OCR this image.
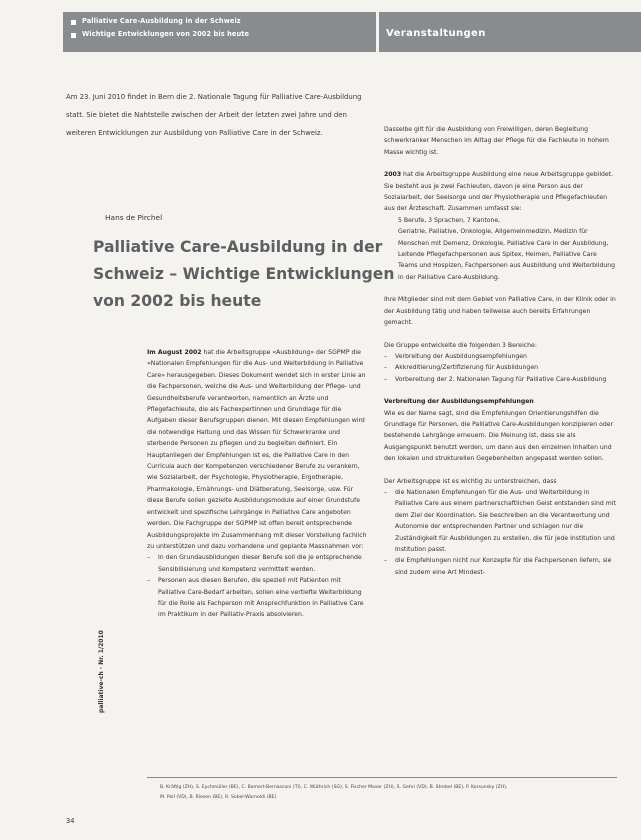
Palliative Care-Ausbildung in der Schweiz
Wichtige Entwicklungen von 2002 bis heute	Veranstaltungen

Am 23. Juni 2010 findet in Bern die 2. Nationale Tagung für Palliative Care-Ausbildung statt. Sie bietet die Nahtstelle zwischen der Arbeit der letzten zwei Jahre und den weiteren Entwicklungen zur Ausbildung von Palliative Care in der Schweiz.

Hans de Pirchel
Palliative Care-Ausbildung in der
Schweiz – Wichtige Entwicklungen
von 2002 bis heute

Im August 2002 hat die Arbeitsgruppe «Ausbildung» der SGPMP die «Nationalen Empfehlungen für die Aus- und Weiterbildung in Palliative Care» herausgegeben. Dieses Dokument wendet sich in erster Linie an die Fachpersonen, welche die Aus- und Weiterbildung der Pflege- und Gesundheitsberufe verantworten, namentlich an Ärzte und Pflegefachleute, die als Fachexpertinnen und Grundlage für die Aufgaben dieser Berufsgruppen dienen. Mit diesen Empfehlungen wird die notwendige Haltung und das Wissen für Schwerkranke und sterbende Personen zu pflegen und zu begleiten definiert. Ein Hauptanliegen der Empfehlungen ist es, die Palliative Care in den Curricula auch der Kompetenzen verschiedener Berufe zu verankern, wie Sozialarbeit, der Psychologie, Physiotherapie, Ergotherapie, Pharmakologie, Ernährungs- und Diätberatung, Seelsorge, usw. Für diese Berufe sollen gezielte Ausbildungsmodule auf einer Grundstufe entwickelt und spezifische Lehrgänge in Palliative Care angeboten werden. Die Fachgruppe der SGPMP ist offen bereit entsprechende Ausbildungsprojekte im Zusammenhang mit dieser Vorstellung fachlich zu unterstützen und dazu vorhandene und geplante Massnahmen vor:

– In den Grundausbildungen dieser Berufe soll die je entsprechende Sensibilisierung und Kompetenz vermittelt werden.
– Personen aus diesen Berufen, die speziell mit Patienten mit Palliative Care-Bedarf arbeiten, sollen eine vertiefte Weiterbildung für die Rolle als Fachperson mit Ansprechfunktion in Palliative Care im Praktikum in der Palliativ-Praxis absolvieren.

Dasselbe gilt für die Ausbildung von Freiwilligen, deren Begleitung schwerkranker Menschen im Alltag der Pflege für die Fachleute in hohem Masse wichtig ist.

2003 hat die Arbeitsgruppe Ausbildung eine neue Arbeitsgruppe gebildet. Sie besteht aus je zwei Fachleuten, davon je eine Person aus der Sozialarbeit, der Seelsorge und der Physiotherapie und Pflegefachleuten aus der Ärzteschaft. Zusammen umfasst sie:

5 Berufe, 3 Sprachen, 7 Kantone,
Geriatrie, Palliative, Onkologie, Allgemeinmedizin, Medizin für Menschen mit Demenz, Onkologie, Palliative Care in der Ausbildung,
Leitende Pflegefachpersonen aus Spitex, Heimen, Palliative Care Teams und Hospizen, Fachpersonen aus Ausbildung und Weiterbildung in der Palliative Care-Ausbildung.

Ihre Mitglieder sind mit dem Gebiet von Palliative Care, in der Klinik oder in der Ausbildung tätig und haben teilweise auch bereits Erfahrungen gemacht.

Die Gruppe entwickelte die folgenden 3 Bereiche:

– Verbreitung der Ausbildungsempfehlungen
– Akkreditierung/Zertifizierung für Ausbildungen
– Vorbereitung der 2. Nationalen Tagung für Palliative Care-Ausbildung

Verbreitung der Ausbildungsempfehlungen

Wie es der Name sagt, sind die Empfehlungen Orientierungshilfen die Grundlage für Personen, die Palliative Care-Ausbildungen konzipieren oder bestehende Lehrgänge erneuern. Die Meinung ist, dass sie als Ausgangspunkt benutzt werden, um dann aus den einzelnen Inhalten und den lokalen und strukturellen Gegebenheiten angepasst werden sollen.

Der Arbeitsgruppe ist es wichtig zu unterstreichen, dass

– die Nationalen Empfehlungen für die Aus- und Weiterbildung in Palliative Care aus einem partnerschaftlichen Geist entstanden sind mit dem Ziel der Koordination. Sie beschreiben an die Verantwortung und Autonomie der entsprechenden Partner und schlagen nur die Zuständigkeit für Ausbildungen zu erstellen, die für jede Institution und Institution passt.
– die Empfehlungen nicht nur Konzepte für die Fachpersonen liefern, sie sind zudem eine Art Mindest-
B. Kräftig (ZH), S. Eychmüller (BE), C. Bamert-Bernasconi (TI), C. Wüthrich (SG), S. Fischer Moser (ZH), S. Gehri (VD), B. Strebel (BE), P. Korsunsky (ZH),
M. Poll (VD), B. Riesen (BE), R. Sobel-Warnoldi (BE)
palliative-ch · Nr. 1/2010
34
